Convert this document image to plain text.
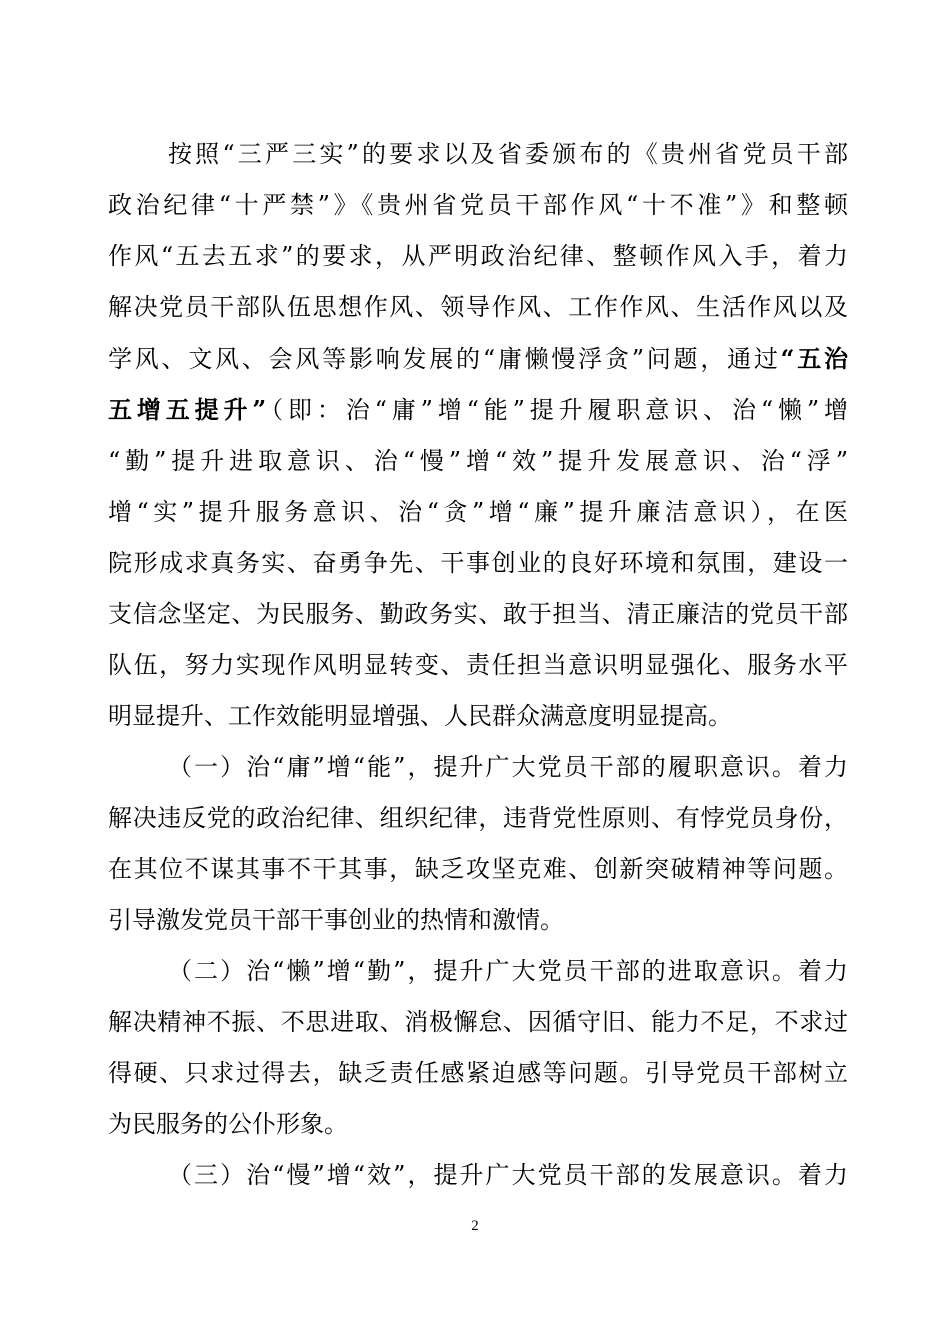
按照“三严三实”的要求以及省委颁布的《贵州省党员干部
政治纪律“十严禁”》《贵州省党员干部作风“十不准”》和整顿
作风“五去五求”的要求，从严明政治纪律、整顿作风入手，着力
解决党员干部队伍思想作风、领导作风、工作作风、生活作风以及
学风、文风、会风等影响发展的“庸懒慢浮贪”问题，通过“五治
五增五提升”（即：治“庸”增“能”提升履职意识、治“懒”增
“勤”提升进取意识、治“慢”增“效”提升发展意识、治“浮”
增“实”提升服务意识、治“贪”增“廉”提升廉洁意识），在医
院形成求真务实、奋勇争先、干事创业的良好环境和氛围，建设一
支信念坚定、为民服务、勤政务实、敢于担当、清正廉洁的党员干部
队伍，努力实现作风明显转变、责任担当意识明显强化、服务水平
明显提升、工作效能明显增强、人民群众满意度明显提高。
（一）治“庸”增“能”，提升广大党员干部的履职意识。着力
解决违反党的政治纪律、组织纪律，违背党性原则、有悖党员身份，
在其位不谋其事不干其事，缺乏攻坚克难、创新突破精神等问题。
引导激发党员干部干事创业的热情和激情。
（二）治“懒”增“勤”，提升广大党员干部的进取意识。着力
解决精神不振、不思进取、消极懈怠、因循守旧、能力不足，不求过
得硬、只求过得去，缺乏责任感紧迫感等问题。引导党员干部树立
为民服务的公仆形象。
（三）治“慢”增“效”，提升广大党员干部的发展意识。着力
2
